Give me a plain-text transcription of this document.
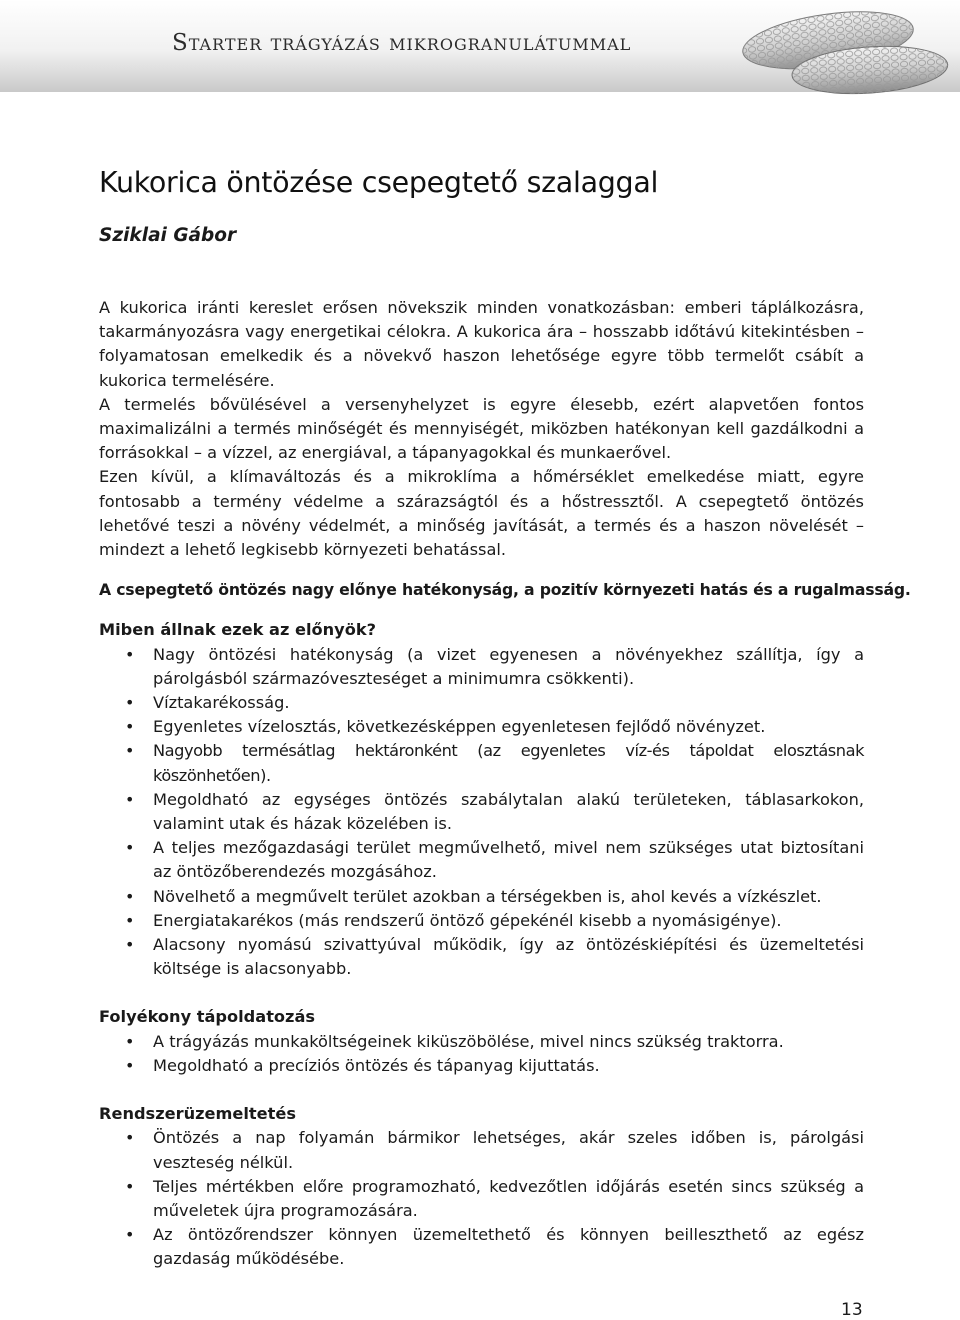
Starter trágyázás mikrogranulátummal
Kukorica öntözése csepegtető szalaggal
Sziklai Gábor

A kukorica iránti kereslet erősen növekszik minden vonatkozásban: emberi táplálkozásra, takarmányozásra vagy energetikai célokra. A kukorica ára – hosszabb időtávú kitekintésben – folyamatosan emelkedik és a növekvő haszon lehetősége egyre több termelőt csábít a kukorica termelésére.

A termelés bővülésével a versenyhelyzet is egyre élesebb, ezért alapvetően fontos maximalizálni a termés minőségét és mennyiségét, miközben hatékonyan kell gazdálkodni a forrásokkal – a vízzel, az energiával, a tápanyagokkal és munkaerővel.

Ezen kívül, a klímaváltozás és a mikroklíma a hőmérséklet emelkedése miatt, egyre fontosabb a termény védelme a szárazságtól és a hőstressztől. A csepegtető öntözés lehetővé teszi a növény védelmét, a minőség javítását, a termés és a haszon növelését – mindezt a lehető legkisebb környezeti behatással.

A csepegtető öntözés nagy előnye hatékonyság, a pozitív környezeti hatás és a rugalmasság.

Miben állnak ezek az előnyök?

• Nagy öntözési hatékonyság (a vizet egyenesen a növényekhez szállítja, így a párolgásból származóveszteséget a minimumra csökkenti).
• Víztakarékosság.
• Egyenletes vízelosztás, következésképpen egyenletesen fejlődő növényzet.
• Nagyobb termésátlag hektáronként (az egyenletes víz-és tápoldat elosztásnak köszönhetően).
• Megoldható az egységes öntözés szabálytalan alakú területeken, táblasarkokon, valamint utak és házak közelében is.
• A teljes mezőgazdasági terület megművelhető, mivel nem szükséges utat biztosítani az öntözőberendezés mozgásához.
• Növelhető a megművelt terület azokban a térségekben is, ahol kevés a vízkészlet.
• Energiatakarékos (más rendszerű öntöző gépekénél kisebb a nyomásigénye).
• Alacsony nyomású szivattyúval működik, így az öntözéskiépítési és üzemeltetési költsége is alacsonyabb.

Folyékony tápoldatozás

• A trágyázás munkaköltségeinek kiküszöbölése, mivel nincs szükség traktorra.
• Megoldható a precíziós öntözés és tápanyag kijuttatás.

Rendszerüzemeltetés

• Öntözés a nap folyamán bármikor lehetséges, akár szeles időben is, párolgási veszteség nélkül.
• Teljes mértékben előre programozható, kedvezőtlen időjárás esetén sincs szükség a műveletek újra programozására.
• Az öntözőrendszer könnyen üzemeltethető és könnyen beilleszthető az egész gazdaság működésébe.
13
